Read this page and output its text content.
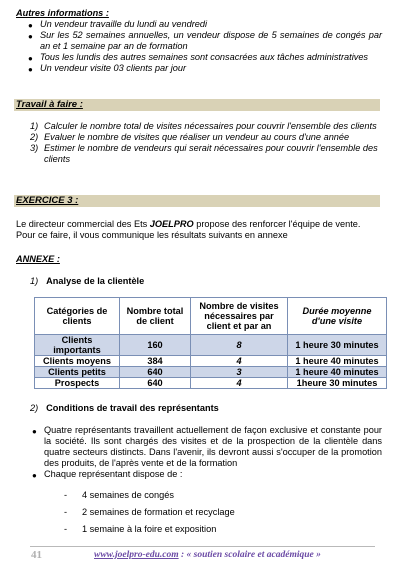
Autres informations :
● Un vendeur travaille du lundi au vendredi
● Sur les 52 semaines annuelles, un vendeur dispose de 5 semaines de congés par an et 1 semaine par an de formation
● Tous les lundis des autres semaines sont consacrées aux tâches administratives
● Un vendeur visite 03 clients par jour
Travail à faire :
1) Calculer le nombre total de visites nécessaires pour couvrir l'ensemble des clients
2) Evaluer le nombre de visites que réaliser un vendeur au cours d'une année
3) Estimer le nombre de vendeurs qui serait nécessaires pour couvrir l'ensemble des clients
EXERCICE 3 :
Le directeur commercial des Ets JOELPRO propose des renforcer l'équipe de vente. Pour ce faire, il vous communique les résultats suivants en annexe
ANNEXE :
1) Analyse de la clientèle
Catégories de clients	Nombre total de client	Nombre de visites nécessaires par client et par an	Durée moyenne d'une visite
Clients importants	160	8	1 heure 30 minutes
Clients moyens	384	4	1 heure 40 minutes
Clients petits	640	3	1 heure 40 minutes
Prospects	640	4	1heure 30 minutes
2) Conditions de travail des représentants
● Quatre représentants travaillent actuellement de façon exclusive et constante pour la société. Ils sont chargés des visites et de la prospection de la clientèle dans quatre secteurs distincts. Dans l'avenir, ils devront aussi s'occuper de la promotion des produits, de l'après vente et de la formation
● Chaque représentant dispose de :
- 4 semaines de congés
- 2 semaines de formation et recyclage
- 1 semaine à la foire et exposition
41	www.joelpro-edu.com : « soutien scolaire et académique »
